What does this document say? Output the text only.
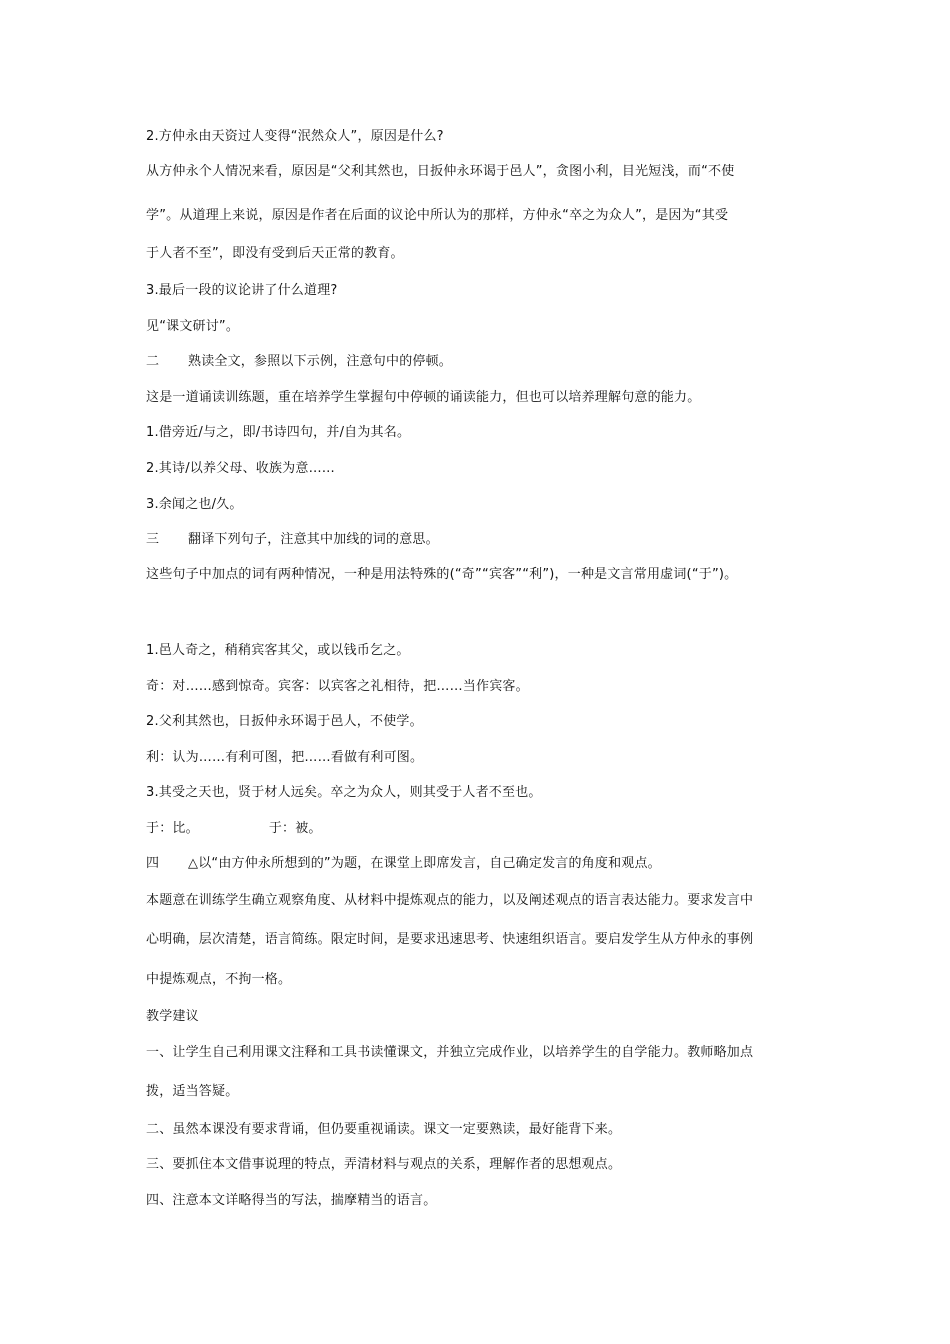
2.方仲永由天资过人变得“泯然众人”，原因是什么?
从方仲永个人情况来看，原因是“父利其然也，日扳仲永环谒于邑人”，贪图小利，目光短浅，而“不使
学”。从道理上来说，原因是作者在后面的议论中所认为的那样，方仲永“卒之为众人”，是因为“其受
于人者不至”，即没有受到后天正常的教育。
3.最后一段的议论讲了什么道理?
见“课文研讨”。
二 熟读全文，参照以下示例，注意句中的停顿。
这是一道诵读训练题，重在培养学生掌握句中停顿的诵读能力，但也可以培养理解句意的能力。
1.借旁近/与之，即/书诗四句，并/自为其名。
2.其诗/以养父母、收族为意……
3.余闻之也/久。
三 翻译下列句子，注意其中加线的词的意思。
这些句子中加点的词有两种情况，一种是用法特殊的(“奇”“宾客”“利”)，一种是文言常用虚词(“于”)。
1.邑人奇之，稍稍宾客其父，或以钱币乞之。
奇：对……感到惊奇。宾客：以宾客之礼相待，把……当作宾客。
2.父利其然也，日扳仲永环谒于邑人，不使学。
利：认为……有利可图，把……看做有利可图。
3.其受之天也，贤于材人远矣。卒之为众人，则其受于人者不至也。
于：比。	于：被。
四 △以“由方仲永所想到的”为题，在课堂上即席发言，自己确定发言的角度和观点。
本题意在训练学生确立观察角度、从材料中提炼观点的能力，以及阐述观点的语言表达能力。要求发言中
心明确，层次清楚，语言简练。限定时间，是要求迅速思考、快速组织语言。要启发学生从方仲永的事例
中提炼观点，不拘一格。
教学建议
一、让学生自己利用课文注释和工具书读懂课文，并独立完成作业，以培养学生的自学能力。教师略加点
拨，适当答疑。
二、虽然本课没有要求背诵，但仍要重视诵读。课文一定要熟读，最好能背下来。
三、要抓住本文借事说理的特点，弄清材料与观点的关系，理解作者的思想观点。
四、注意本文详略得当的写法，揣摩精当的语言。
